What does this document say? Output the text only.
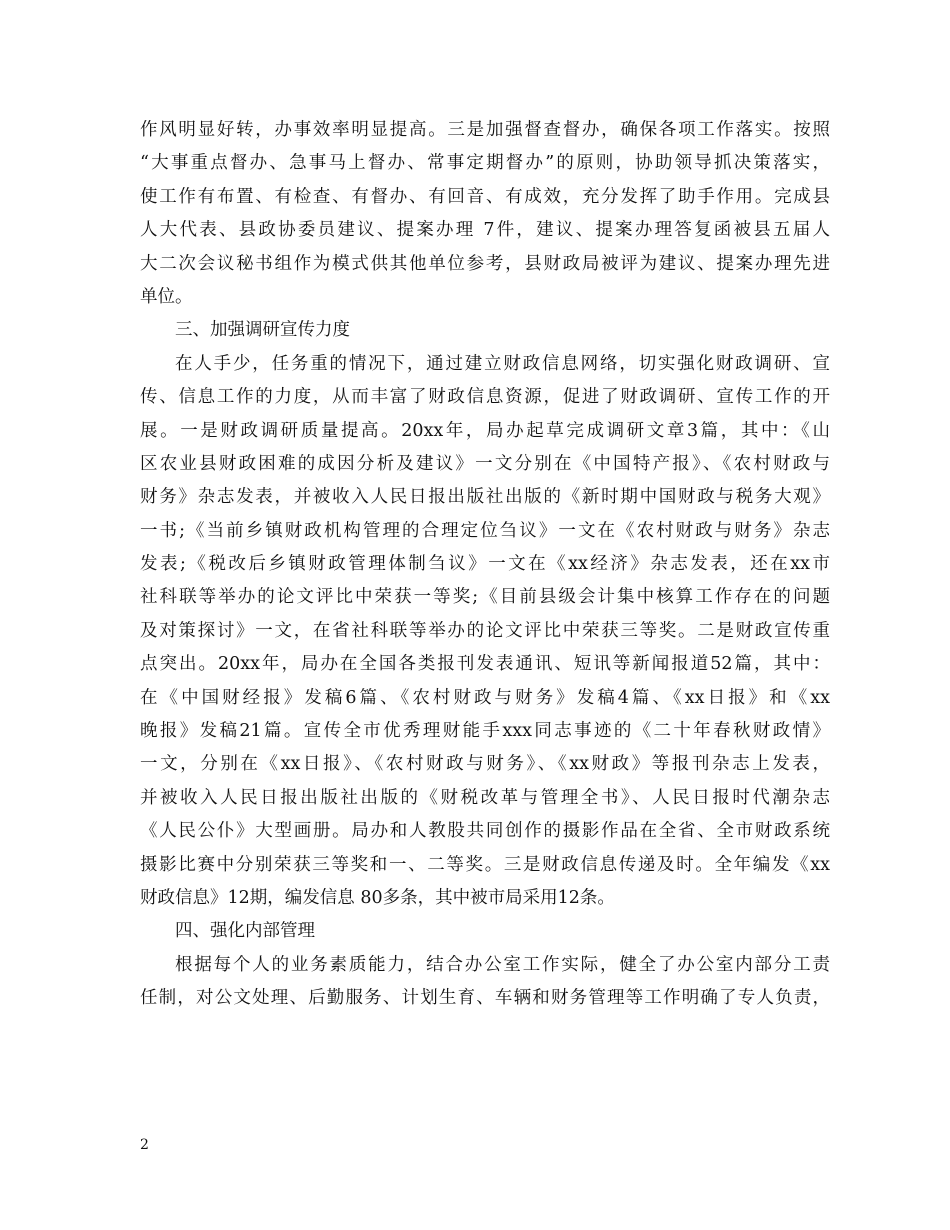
作风明显好转，办事效率明显提高。三是加强督查督办，确保各项工作落实。按照
“大事重点督办、急事马上督办、常事定期督办”的原则，协助领导抓决策落实，
使工作有布置、有检查、有督办、有回音、有成效，充分发挥了助手作用。完成县
人大代表、县政协委员建议、提案办理 7件，建议、提案办理答复函被县五届人
大二次会议秘书组作为模式供其他单位参考，县财政局被评为建议、提案办理先进
单位。
三、加强调研宣传力度
在人手少，任务重的情况下，通过建立财政信息网络，切实强化财政调研、宣
传、信息工作的力度，从而丰富了财政信息资源，促进了财政调研、宣传工作的开
展。一是财政调研质量提高。20xx年，局办起草完成调研文章3篇，其中：《山
区农业县财政困难的成因分析及建议》一文分别在《中国特产报》、《农村财政与
财务》杂志发表，并被收入人民日报出版社出版的《新时期中国财政与税务大观》
一书;《当前乡镇财政机构管理的合理定位刍议》一文在《农村财政与财务》杂志
发表;《税改后乡镇财政管理体制刍议》一文在《xx经济》杂志发表，还在xx市
社科联等举办的论文评比中荣获一等奖;《目前县级会计集中核算工作存在的问题
及对策探讨》一文，在省社科联等举办的论文评比中荣获三等奖。二是财政宣传重
点突出。20xx年，局办在全国各类报刊发表通讯、短讯等新闻报道52篇，其中：
在《中国财经报》发稿6篇、《农村财政与财务》发稿4篇、《xx日报》和《xx
晚报》发稿21篇。宣传全市优秀理财能手xxx同志事迹的《二十年春秋财政情》
一文，分别在《xx日报》、《农村财政与财务》、《xx财政》等报刊杂志上发表，
并被收入人民日报出版社出版的《财税改革与管理全书》、人民日报时代潮杂志
《人民公仆》大型画册。局办和人教股共同创作的摄影作品在全省、全市财政系统
摄影比赛中分别荣获三等奖和一、二等奖。三是财政信息传递及时。全年编发《xx
财政信息》12期，编发信息 80多条，其中被市局采用12条。
四、强化内部管理
根据每个人的业务素质能力，结合办公室工作实际，健全了办公室内部分工责
任制，对公文处理、后勤服务、计划生育、车辆和财务管理等工作明确了专人负责，
2
